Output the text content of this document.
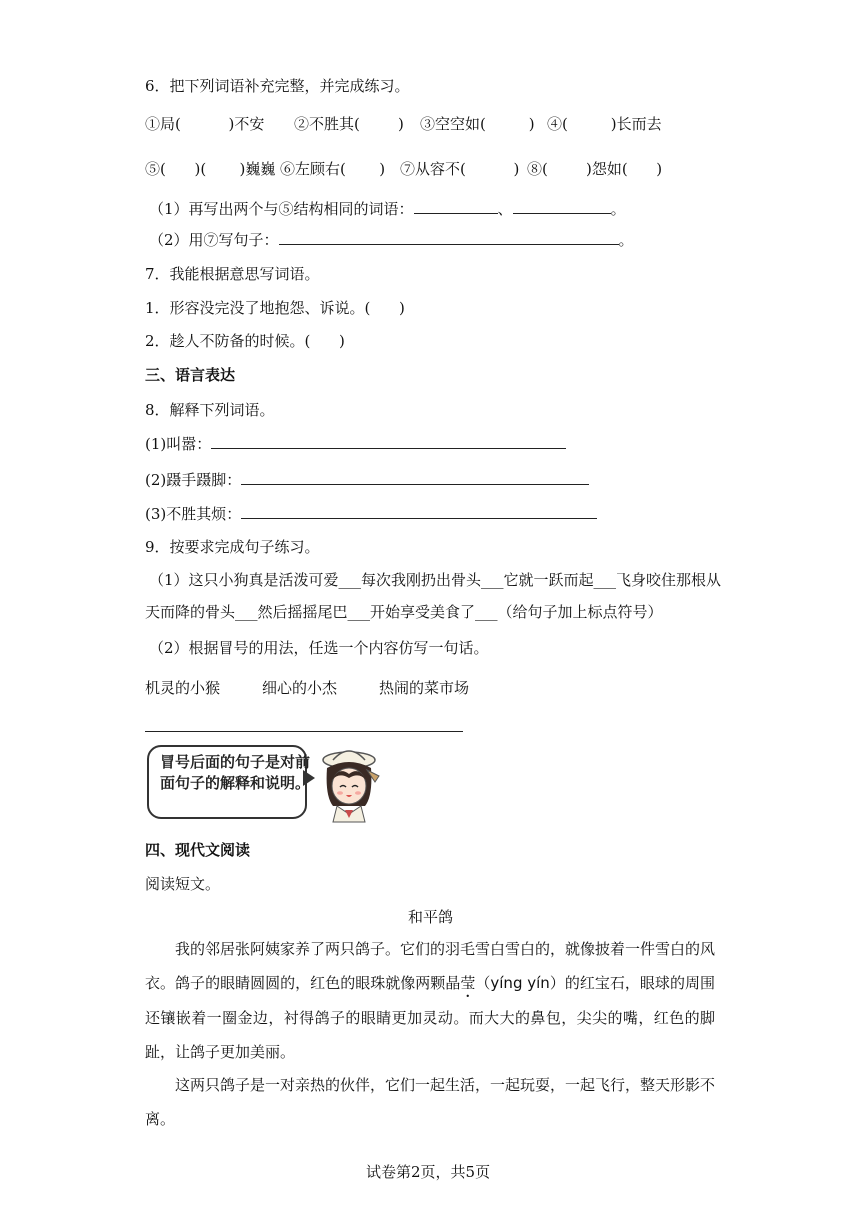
6．把下列词语补充完整，并完成练习。
①局(          )不安 ②不胜其(        ) ③空空如(         ) ④(         )长而去
⑤(      )(       )巍巍 ⑥左顾右(       ) ⑦从容不(          ) ⑧(        )怨如(      )
（1）再写出两个与⑤结构相同的词语：	、	。
（2）用⑦写句子：	。
7．我能根据意思写词语。
1．形容没完没了地抱怨、诉说。(      )
2．趁人不防备的时候。(      )
三、语言表达
8．解释下列词语。
(1)叫嚣：
(2)蹑手蹑脚：
(3)不胜其烦：
9．按要求完成句子练习。
（1）这只小狗真是活泼可爱___每次我刚扔出骨头___它就一跃而起___飞身咬住那根从
天而降的骨头___然后摇摇尾巴___开始享受美食了___（给句子加上标点符号）
（2）根据冒号的用法，任选一个内容仿写一句话。
机灵的小猴	细心的小杰	热闹的菜市场
冒号后面的句子是对前面句子的解释和说明。
四、现代文阅读
阅读短文。
和平鸽
我的邻居张阿姨家养了两只鸽子。它们的羽毛雪白雪白的，就像披着一件雪白的风衣。鸽子的眼睛圆圆的，红色的眼珠就像两颗晶莹（yíng yín）的红宝石，眼球的周围还镶嵌着一圈金边，衬得鸽子的眼睛更加灵动。而大大的鼻包，尖尖的嘴，红色的脚趾，让鸽子更加美丽。
这两只鸽子是一对亲热的伙伴，它们一起生活，一起玩耍，一起飞行，整天形影不离。
试卷第2页，共5页
